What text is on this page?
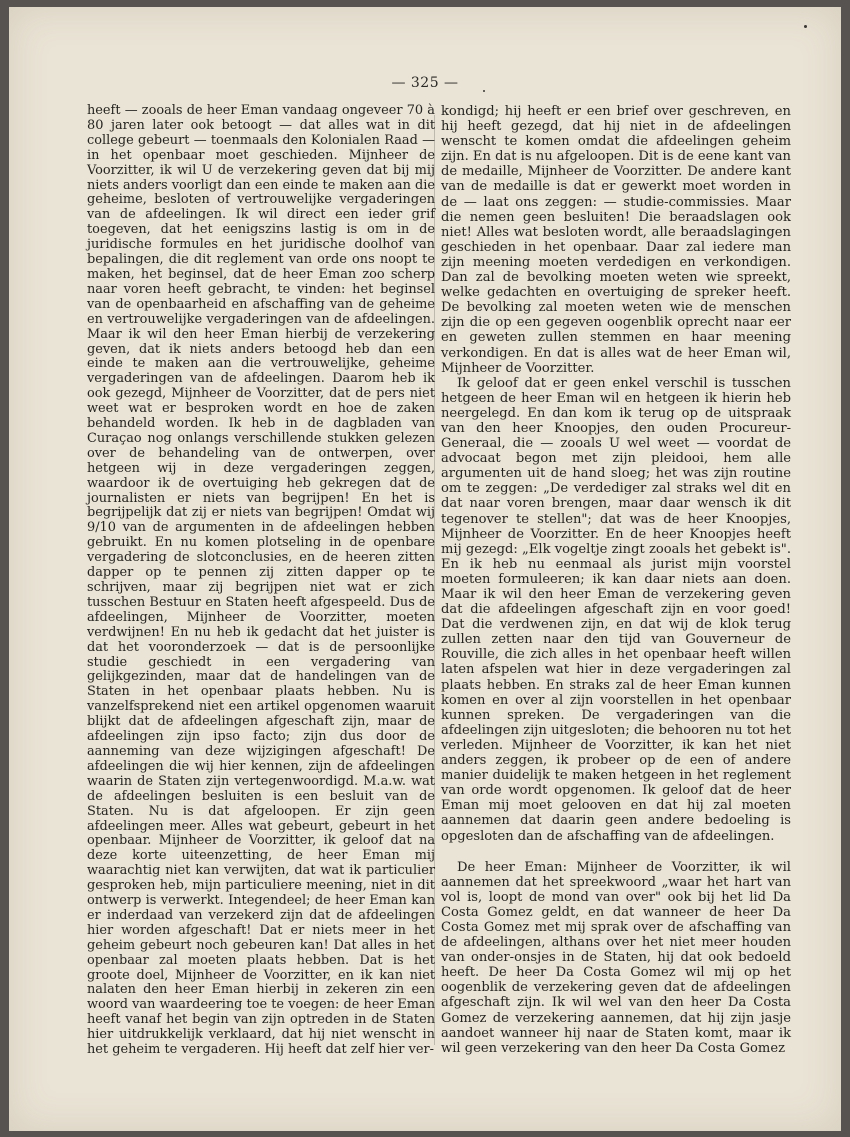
— 325 —

heeft — zooals de heer Eman vandaag ongeveer 70 à 80 jaren later ook betoogt — dat alles wat in dit college gebeurt — toenmaals den Kolonialen Raad — in het openbaar moet geschieden. Mijnheer de Voorzitter, ik wil U de verzekering geven dat bij mij niets anders voorligt dan een einde te maken aan die geheime, besloten of vertrouwelijke vergaderingen van de afdeelingen. Ik wil direct een ieder grif toegeven, dat het eenigszins lastig is om in de juridische formules en het juridische doolhof van bepalingen, die dit reglement van orde ons noopt te maken, het beginsel, dat de heer Eman zoo scherp naar voren heeft gebracht, te vinden: het beginsel van de openbaarheid en afschaffing van de geheime en vertrouwelijke vergaderingen van de afdeelingen. Maar ik wil den heer Eman hierbij de verzekering geven, dat ik niets anders betoogd heb dan een einde te maken aan die vertrouwelijke, geheime vergaderingen van de afdeelingen. Daarom heb ik ook gezegd, Mijnheer de Voorzitter, dat de pers niet weet wat er besproken wordt en hoe de zaken behandeld worden. Ik heb in de dagbladen van Curaçao nog onlangs verschillende stukken gelezen over de behandeling van de ontwerpen, over hetgeen wij in deze vergaderingen zeggen, waardoor ik de overtuiging heb gekregen dat de journalisten er niets van begrijpen! En het is begrijpelijk dat zij er niets van begrijpen! Omdat wij 9/10 van de argumenten in de afdeelingen hebben gebruikt. En nu komen plotseling in de openbare vergadering de slotconclusies, en de heeren zitten dapper op te pennen zij zitten dapper op te schrijven, maar zij begrijpen niet wat er zich tusschen Bestuur en Staten heeft afgespeeld. Dus de afdeelingen, Mijnheer de Voorzitter, moeten verdwijnen! En nu heb ik gedacht dat het juister is dat het vooronderzoek — dat is de persoonlijke studie geschiedt in een vergadering van gelijkgezinden, maar dat de handelingen van de Staten in het openbaar plaats hebben. Nu is vanzelfsprekend niet een artikel opgenomen waaruit blijkt dat de afdeelingen afgeschaft zijn, maar de afdeelingen zijn ipso facto; zijn dus door de aanneming van deze wijzigingen afgeschaft! De afdeelingen die wij hier kennen, zijn de afdeelingen waarin de Staten zijn vertegenwoordigd. M.a.w. wat de afdeelingen besluiten is een besluit van de Staten. Nu is dat afgeloopen. Er zijn geen afdeelingen meer. Alles wat gebeurt, gebeurt in het openbaar. Mijnheer de Voorzitter, ik geloof dat na deze korte uiteenzetting, de heer Eman mij waarachtig niet kan verwijten, dat wat ik particulier gesproken heb, mijn particuliere meening, niet in dit ontwerp is verwerkt. Integendeel; de heer Eman kan er inderdaad van verzekerd zijn dat de afdeelingen hier worden afgeschaft! Dat er niets meer in het geheim gebeurt noch gebeuren kan! Dat alles in het openbaar zal moeten plaats hebben. Dat is het groote doel, Mijnheer de Voorzitter, en ik kan niet nalaten den heer Eman hierbij in zekeren zin een woord van waardeering toe te voegen: de heer Eman heeft vanaf het begin van zijn optreden in de Staten hier uitdrukkelijk verklaard, dat hij niet wenscht in het geheim te vergaderen. Hij heeft dat zelf hier ver-

kondigd; hij heeft er een brief over geschreven, en hij heeft gezegd, dat hij niet in de afdeelingen wenscht te komen omdat die afdeelingen geheim zijn. En dat is nu afgeloopen. Dit is de eene kant van de medaille, Mijnheer de Voorzitter. De andere kant van de medaille is dat er gewerkt moet worden in de — laat ons zeggen: — studie-commissies. Maar die nemen geen besluiten! Die beraadslagen ook niet! Alles wat besloten wordt, alle beraadslagingen geschieden in het openbaar. Daar zal iedere man zijn meening moeten verdedigen en verkondigen. Dan zal de bevolking moeten weten wie spreekt, welke gedachten en overtuiging de spreker heeft. De bevolking zal moeten weten wie de menschen zijn die op een gegeven oogenblik oprecht naar eer en geweten zullen stemmen en haar meening verkondigen. En dat is alles wat de heer Eman wil, Mijnheer de Voorzitter.

Ik geloof dat er geen enkel verschil is tusschen hetgeen de heer Eman wil en hetgeen ik hierin heb neergelegd. En dan kom ik terug op de uitspraak van den heer Knoopjes, den ouden Procureur-Generaal, die — zooals U wel weet — voordat de advocaat begon met zijn pleidooi, hem alle argumenten uit de hand sloeg; het was zijn routine om te zeggen: „De verdediger zal straks wel dit en dat naar voren brengen, maar daar wensch ik dit tegenover te stellen"; dat was de heer Knoopjes, Mijnheer de Voorzitter. En de heer Knoopjes heeft mij gezegd: „Elk vogeltje zingt zooals het gebekt is". En ik heb nu eenmaal als jurist mijn voorstel moeten formuleeren; ik kan daar niets aan doen. Maar ik wil den heer Eman de verzekering geven dat die afdeelingen afgeschaft zijn en voor goed! Dat die verdwenen zijn, en dat wij de klok terug zullen zetten naar den tijd van Gouverneur de Rouville, die zich alles in het openbaar heeft willen laten afspelen wat hier in deze vergaderingen zal plaats hebben. En straks zal de heer Eman kunnen komen en over al zijn voorstellen in het openbaar kunnen spreken. De vergaderingen van die afdeelingen zijn uitgesloten; die behooren nu tot het verleden. Mijnheer de Voorzitter, ik kan het niet anders zeggen, ik probeer op de een of andere manier duidelijk te maken hetgeen in het reglement van orde wordt opgenomen. Ik geloof dat de heer Eman mij moet gelooven en dat hij zal moeten aannemen dat daarin geen andere bedoeling is opgesloten dan de afschaffing van de afdeelingen.

De heer Eman: Mijnheer de Voorzitter, ik wil aannemen dat het spreekwoord „waar het hart van vol is, loopt de mond van over" ook bij het lid Da Costa Gomez geldt, en dat wanneer de heer Da Costa Gomez met mij sprak over de afschaffing van de afdeelingen, althans over het niet meer houden van onder-onsjes in de Staten, hij dat ook bedoeld heeft. De heer Da Costa Gomez wil mij op het oogenblik de verzekering geven dat de afdeelingen afgeschaft zijn. Ik wil wel van den heer Da Costa Gomez de verzekering aannemen, dat hij zijn jasje aandoet wanneer hij naar de Staten komt, maar ik wil geen verzekering van den heer Da Costa Gomez
